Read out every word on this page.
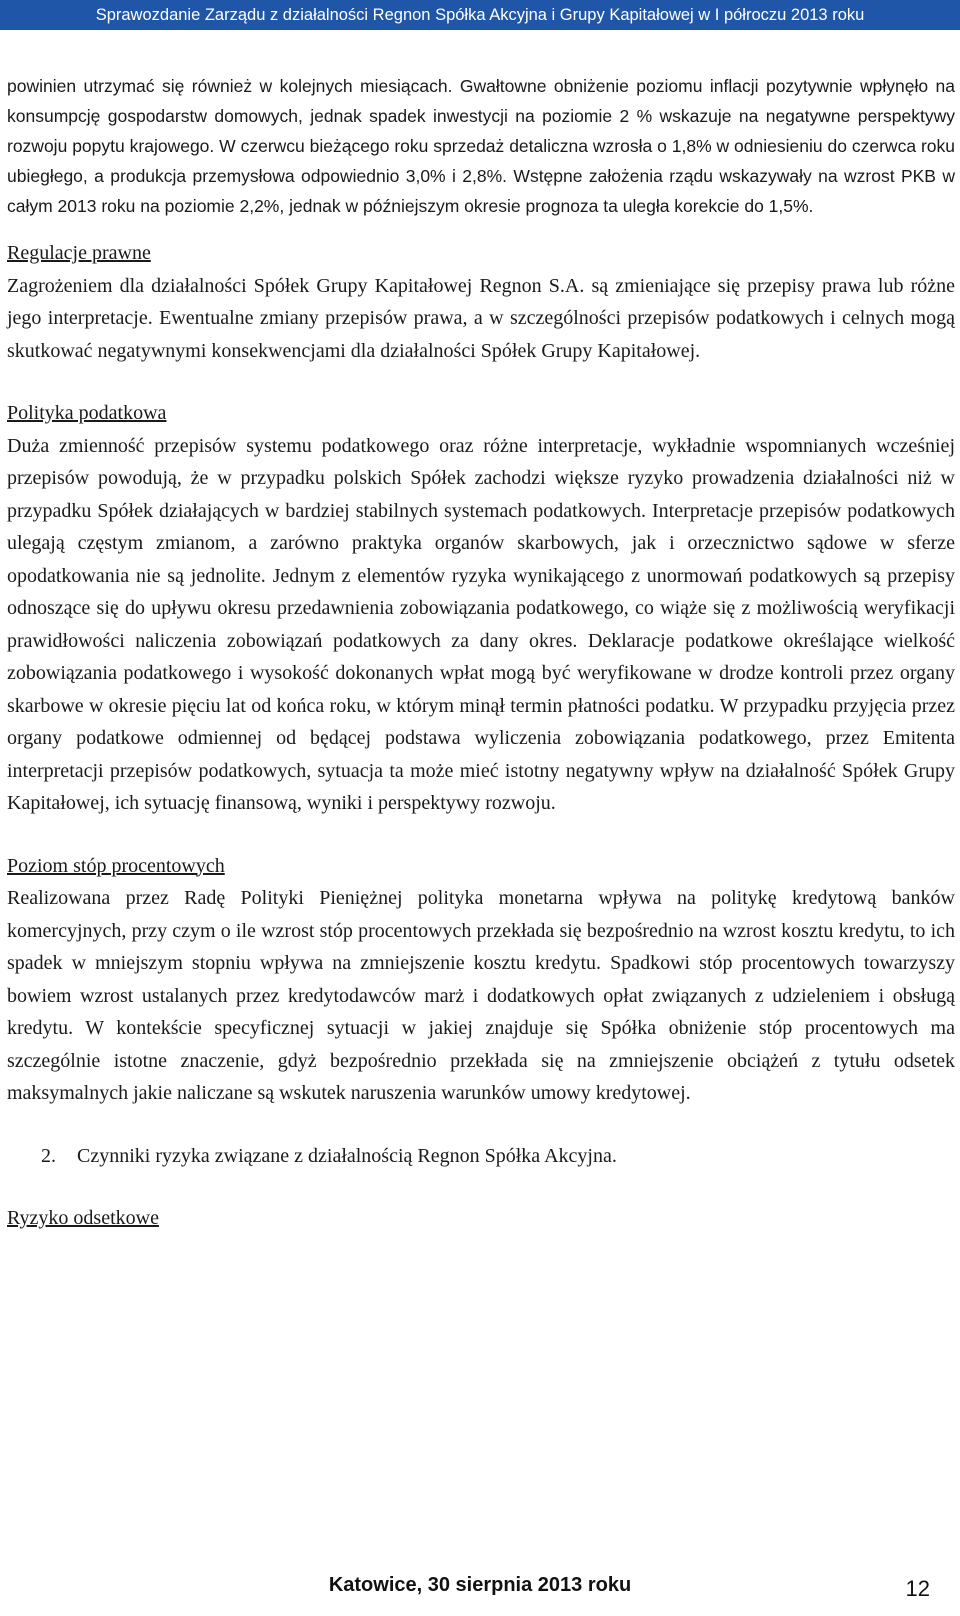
Sprawozdanie Zarządu z działalności Regnon Spółka Akcyjna i Grupy Kapitałowej w I półroczu 2013 roku

powinien utrzymać się również w kolejnych miesiącach. Gwałtowne obniżenie poziomu inflacji pozytywnie wpłynęło na konsumpcję gospodarstw domowych, jednak spadek inwestycji na poziomie 2 % wskazuje na negatywne perspektywy rozwoju popytu krajowego. W czerwcu bieżącego roku sprzedaż detaliczna wzrosła o 1,8% w odniesieniu do czerwca roku ubiegłego, a produkcja przemysłowa odpowiednio 3,0% i 2,8%. Wstępne założenia rządu wskazywały na wzrost PKB w całym 2013 roku na poziomie 2,2%, jednak w późniejszym okresie prognoza ta uległa korekcie do 1,5%.

Regulacje prawne

Zagrożeniem dla działalności Spółek Grupy Kapitałowej Regnon S.A. są zmieniające się przepisy prawa lub różne jego interpretacje. Ewentualne zmiany przepisów prawa, a w szczególności przepisów podatkowych i celnych mogą skutkować negatywnymi konsekwencjami dla działalności Spółek Grupy Kapitałowej.

Polityka podatkowa

Duża zmienność przepisów systemu podatkowego oraz różne interpretacje, wykładnie wspomnianych wcześniej przepisów powodują, że w przypadku polskich Spółek zachodzi większe ryzyko prowadzenia działalności niż w przypadku Spółek działających w bardziej stabilnych systemach podatkowych. Interpretacje przepisów podatkowych ulegają częstym zmianom, a zarówno praktyka organów skarbowych, jak i orzecznictwo sądowe w sferze opodatkowania nie są jednolite. Jednym z elementów ryzyka wynikającego z unormowań podatkowych są przepisy odnoszące się do upływu okresu przedawnienia zobowiązania podatkowego, co wiąże się z możliwością weryfikacji prawidłowości naliczenia zobowiązań podatkowych za dany okres. Deklaracje podatkowe określające wielkość zobowiązania podatkowego i wysokość dokonanych wpłat mogą być weryfikowane w drodze kontroli przez organy skarbowe w okresie pięciu lat od końca roku, w którym minął termin płatności podatku. W przypadku przyjęcia przez organy podatkowe odmiennej od będącej podstawa wyliczenia zobowiązania podatkowego, przez Emitenta interpretacji przepisów podatkowych, sytuacja ta może mieć istotny negatywny wpływ na działalność Spółek Grupy Kapitałowej, ich sytuację finansową, wyniki i perspektywy rozwoju.

Poziom stóp procentowych

Realizowana przez Radę Polityki Pieniężnej polityka monetarna wpływa na politykę kredytową banków komercyjnych, przy czym o ile wzrost stóp procentowych przekłada się bezpośrednio na wzrost kosztu kredytu, to ich spadek w mniejszym stopniu wpływa na zmniejszenie kosztu kredytu. Spadkowi stóp procentowych towarzyszy bowiem wzrost ustalanych przez kredytodawców marż i dodatkowych opłat związanych z udzieleniem i obsługą kredytu. W kontekście specyficznej sytuacji w jakiej znajduje się Spółka obniżenie stóp procentowych ma szczególnie istotne znaczenie, gdyż bezpośrednio przekłada się na zmniejszenie obciążeń z tytułu odsetek maksymalnych jakie naliczane są wskutek naruszenia warunków umowy kredytowej.

2.	Czynniki ryzyka związane z działalnością Regnon Spółka Akcyjna.

Ryzyko odsetkowe

Katowice, 30 sierpnia 2013 roku	12
